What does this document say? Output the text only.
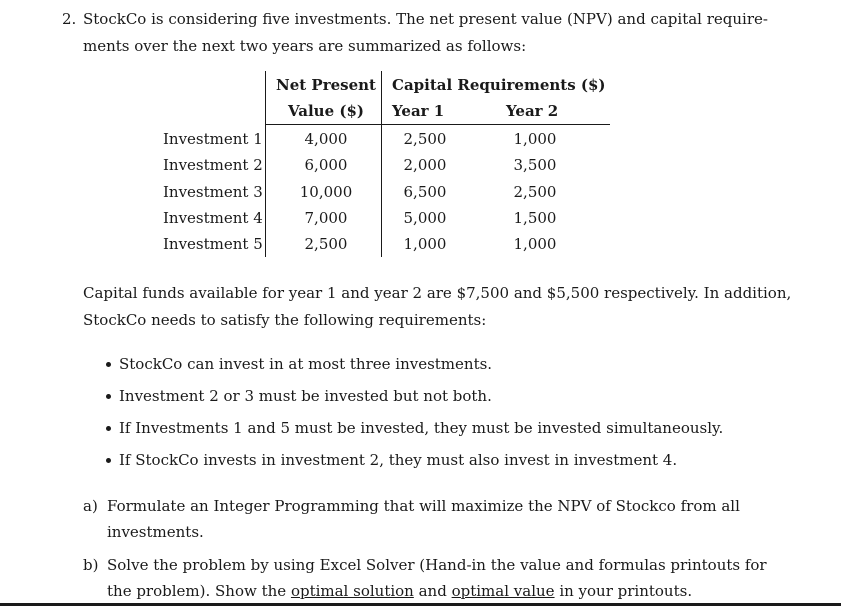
2. StockCo is considering five investments. The net present value (NPV) and capital require-
ments over the next two years are summarized as follows:
Net Present
Value ($)
Capital Requirements ($)
Year 1	Year 2
Investment 1	4,000	2,500	1,000
Investment 2	6,000	2,000	3,500
Investment 3	10,000	6,500	2,500
Investment 4	7,000	5,000	1,500
Investment 5	2,500	1,000	1,000
Capital funds available for year 1 and year 2 are $7,500 and $5,500 respectively. In addition,
StockCo needs to satisfy the following requirements:
StockCo can invest in at most three investments.
Investment 2 or 3 must be invested but not both.
If Investments 1 and 5 must be invested, they must be invested simultaneously.
If StockCo invests in investment 2, they must also invest in investment 4.
a) Formulate an Integer Programming that will maximize the NPV of Stockco from all
investments.
b) Solve the problem by using Excel Solver (Hand-in the value and formulas printouts for
the problem). Show the optimal solution and optimal value in your printouts.
